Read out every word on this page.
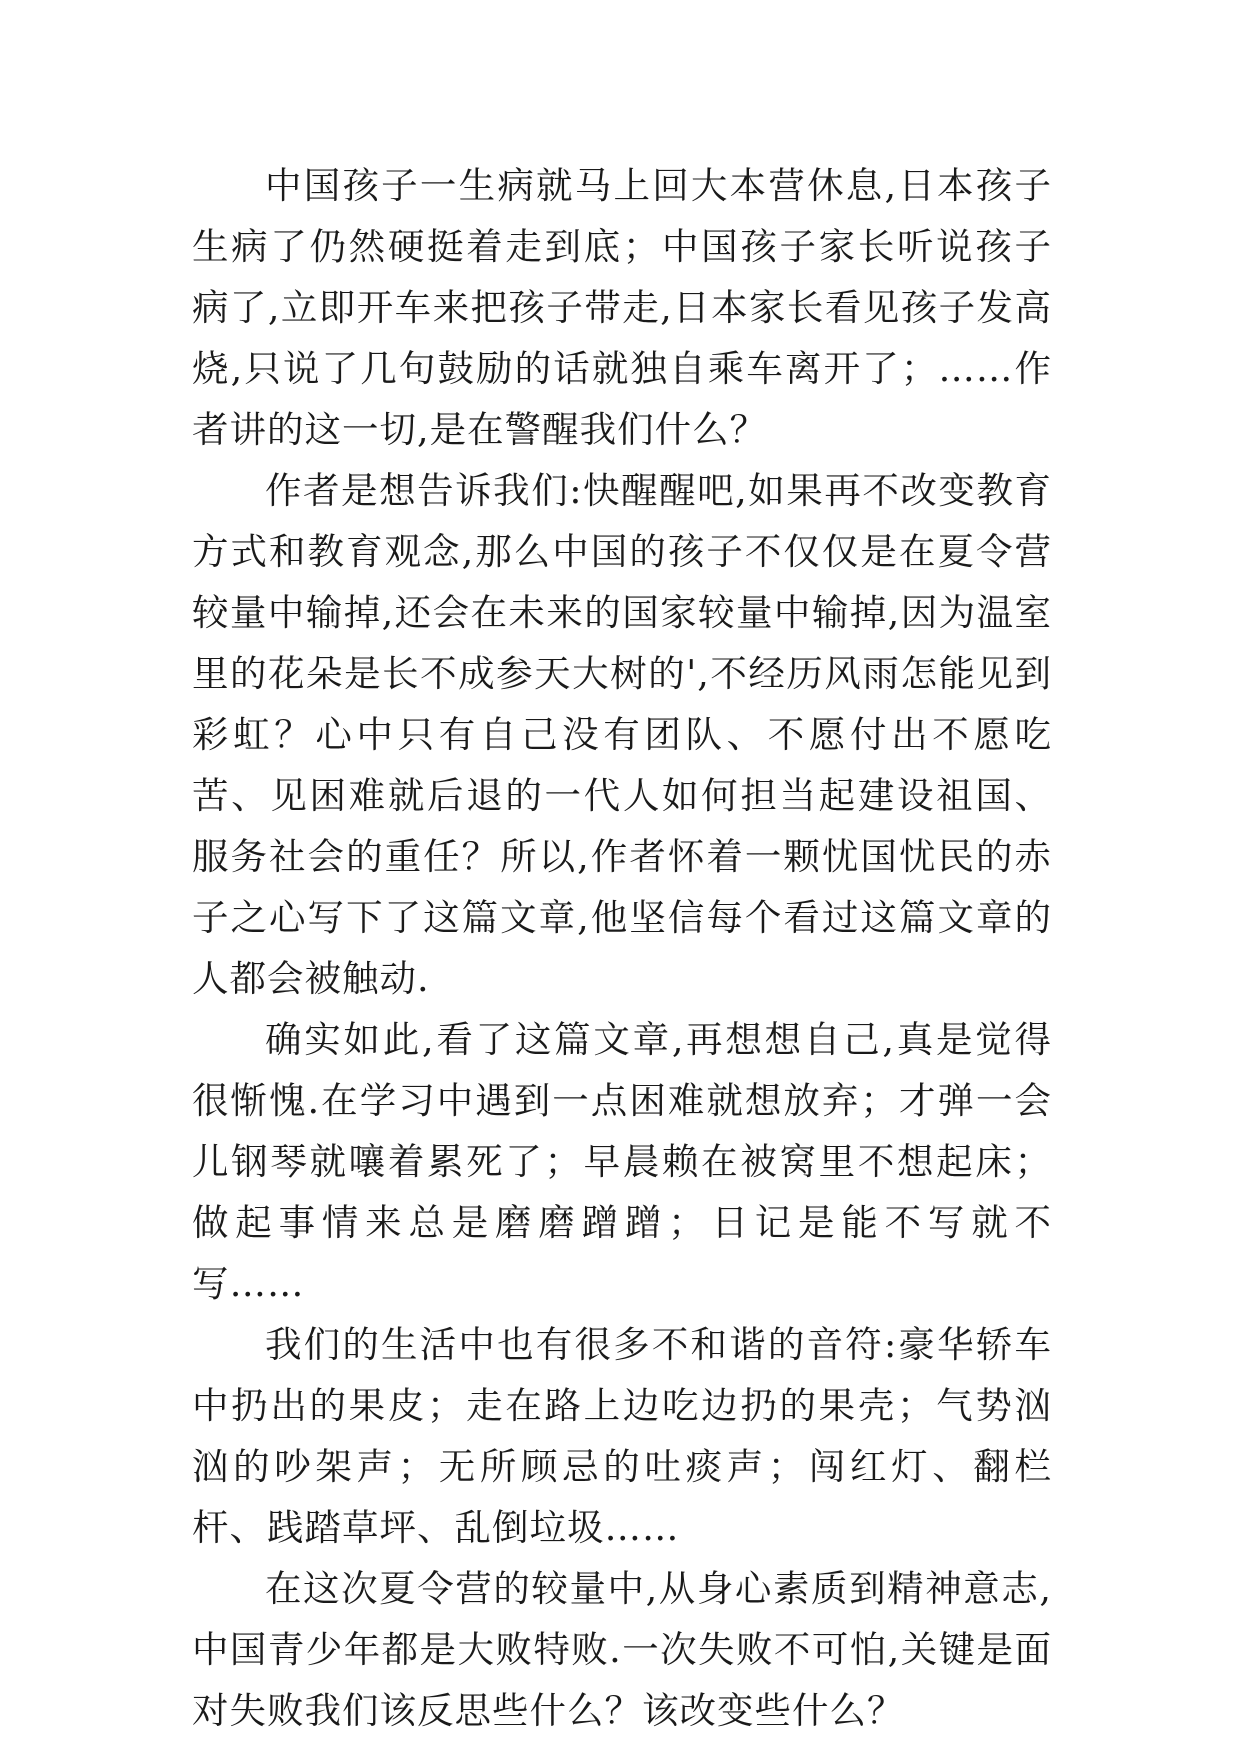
中国孩子一生病就马上回大本营休息,日本孩子生病了仍然硬挺着走到底；中国孩子家长听说孩子病了,立即开车来把孩子带走,日本家长看见孩子发高烧,只说了几句鼓励的话就独自乘车离开了；……作者讲的这一切,是在警醒我们什么？

作者是想告诉我们:快醒醒吧,如果再不改变教育方式和教育观念,那么中国的孩子不仅仅是在夏令营较量中输掉,还会在未来的国家较量中输掉,因为温室里的花朵是长不成参天大树的',不经历风雨怎能见到彩虹？心中只有自己没有团队、不愿付出不愿吃苦、见困难就后退的一代人如何担当起建设祖国、服务社会的重任？所以,作者怀着一颗忧国忧民的赤子之心写下了这篇文章,他坚信每个看过这篇文章的人都会被触动.

确实如此,看了这篇文章,再想想自己,真是觉得很惭愧.在学习中遇到一点困难就想放弃；才弹一会儿钢琴就嚷着累死了；早晨赖在被窝里不想起床；做起事情来总是磨磨蹭蹭；日记是能不写就不写……

我们的生活中也有很多不和谐的音符:豪华轿车中扔出的果皮；走在路上边吃边扔的果壳；气势汹汹的吵架声；无所顾忌的吐痰声；闯红灯、翻栏杆、践踏草坪、乱倒垃圾……

在这次夏令营的较量中,从身心素质到精神意志,中国青少年都是大败特败.一次失败不可怕,关键是面对失败我们该反思些什么？该改变些什么？
